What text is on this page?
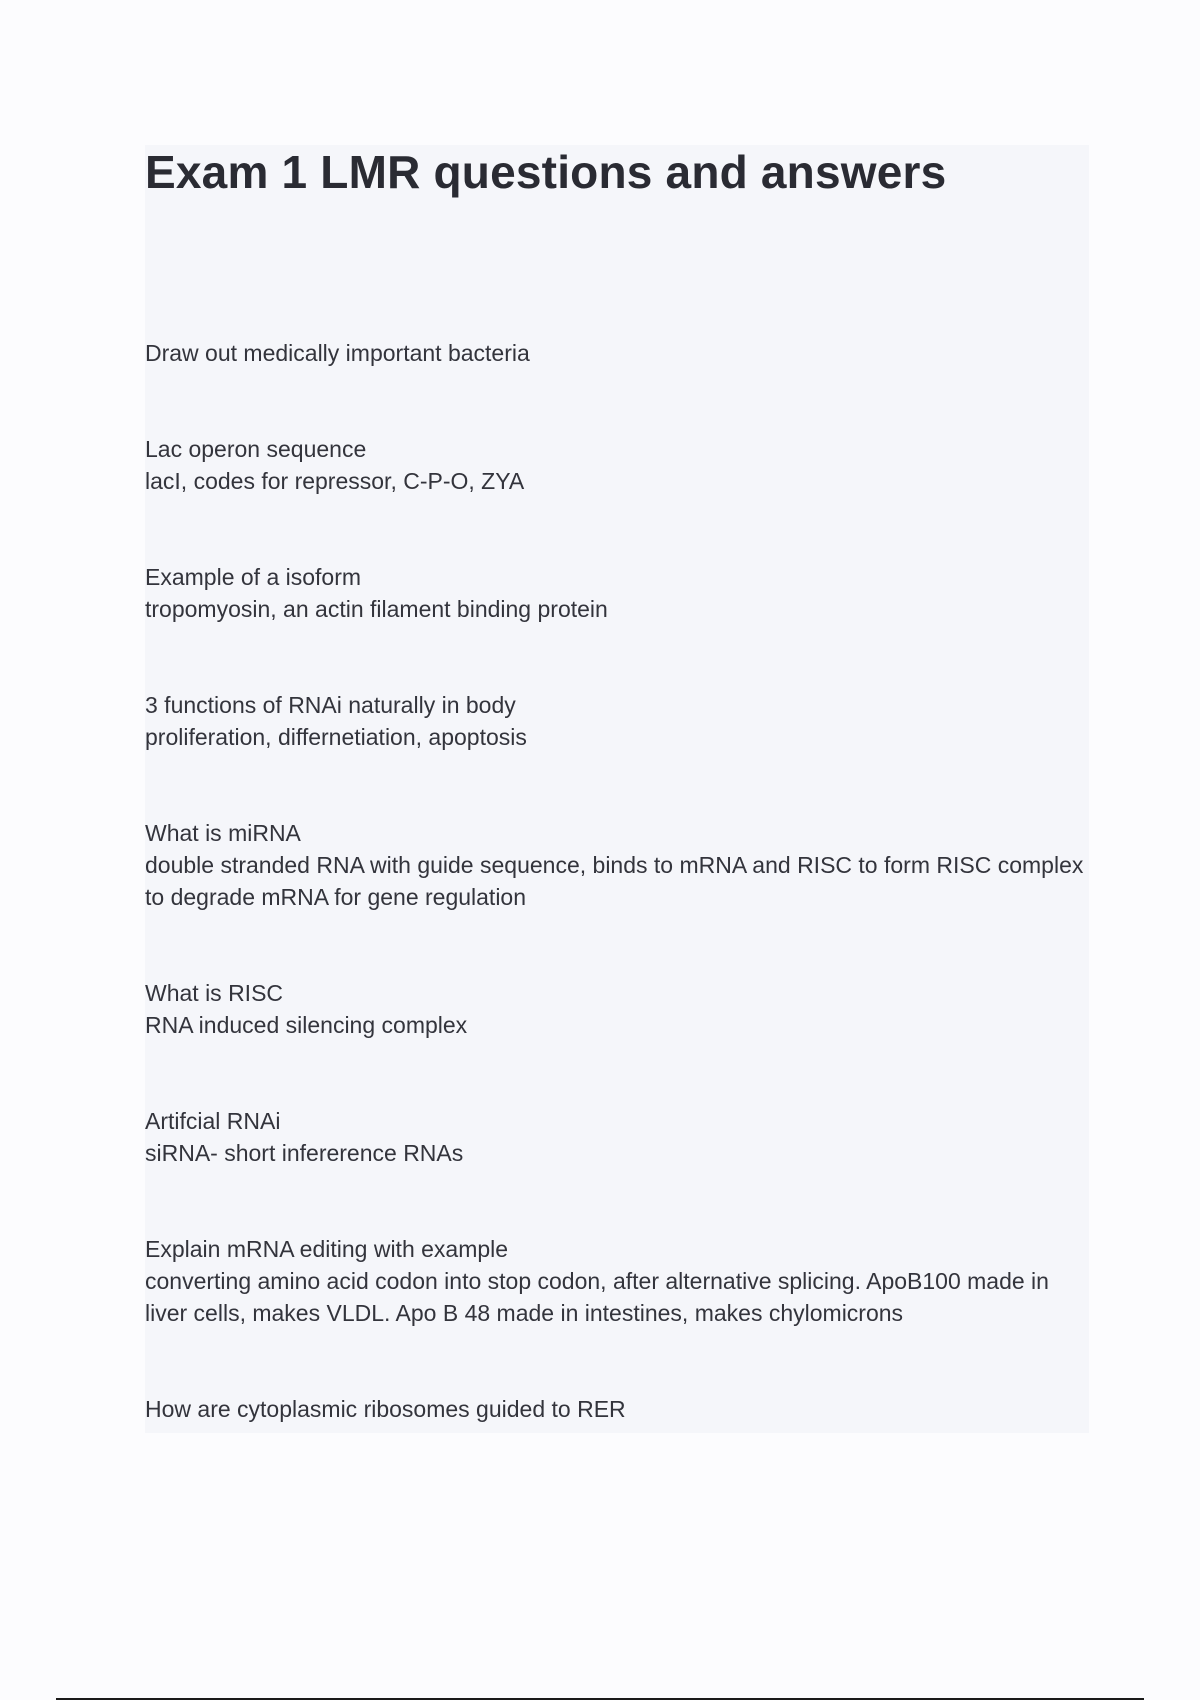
Exam 1 LMR questions and answers
Draw out medically important bacteria
Lac operon sequence
lacI, codes for repressor, C-P-O, ZYA
Example of a isoform
tropomyosin, an actin filament binding protein
3 functions of RNAi naturally in body
proliferation, differnetiation, apoptosis
What is miRNA
double stranded RNA with guide sequence, binds to mRNA and RISC to form RISC complex to degrade mRNA for gene regulation
What is RISC
RNA induced silencing complex
Artifcial RNAi
siRNA- short infererence RNAs
Explain mRNA editing with example
converting amino acid codon into stop codon, after alternative splicing. ApoB100 made in liver cells, makes VLDL. Apo B 48 made in intestines, makes chylomicrons
How are cytoplasmic ribosomes guided to RER
